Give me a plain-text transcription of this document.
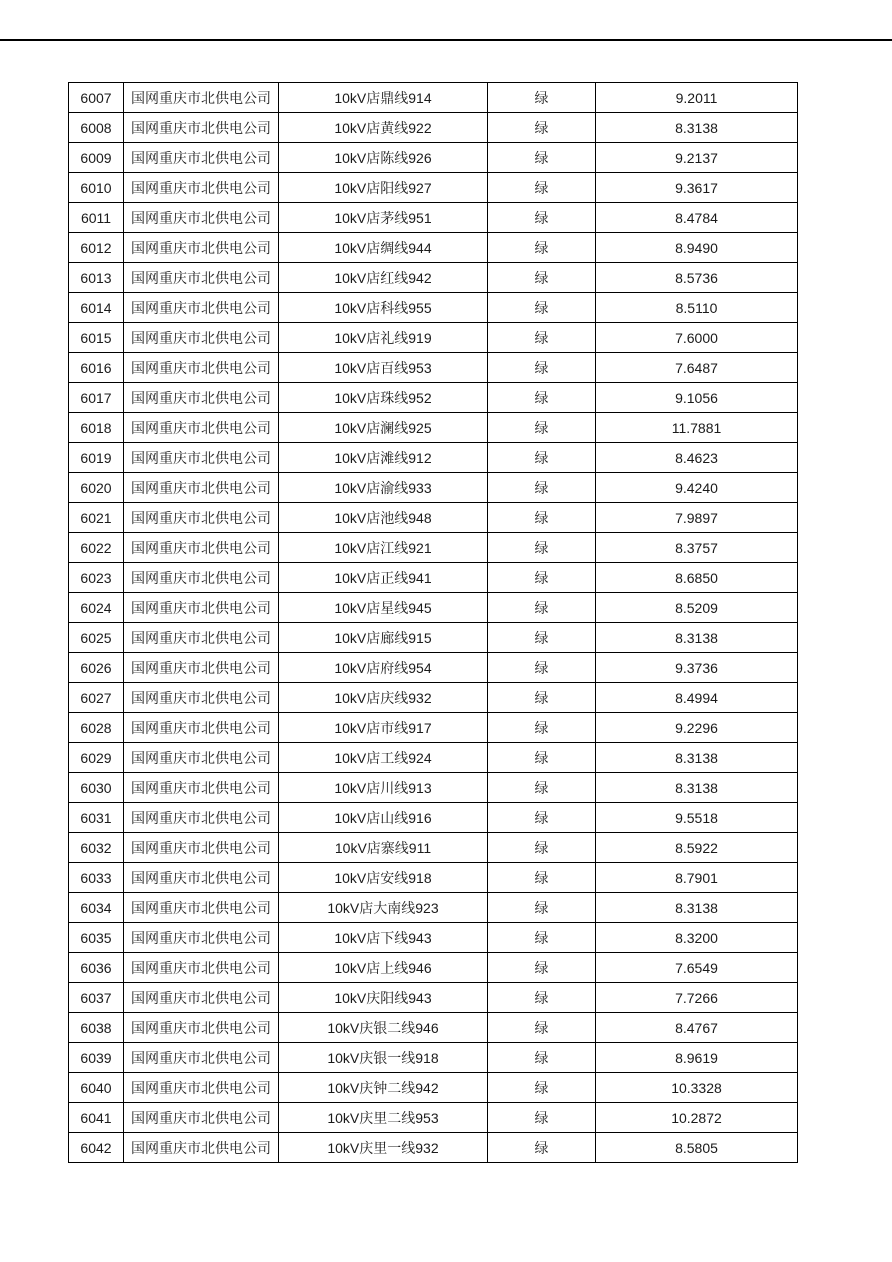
6007	国网重庆市北供电公司	10kV店鼎线914	绿	9.2011
6008	国网重庆市北供电公司	10kV店黄线922	绿	8.3138
6009	国网重庆市北供电公司	10kV店陈线926	绿	9.2137
6010	国网重庆市北供电公司	10kV店阳线927	绿	9.3617
6011	国网重庆市北供电公司	10kV店茅线951	绿	8.4784
6012	国网重庆市北供电公司	10kV店绸线944	绿	8.9490
6013	国网重庆市北供电公司	10kV店红线942	绿	8.5736
6014	国网重庆市北供电公司	10kV店科线955	绿	8.5110
6015	国网重庆市北供电公司	10kV店礼线919	绿	7.6000
6016	国网重庆市北供电公司	10kV店百线953	绿	7.6487
6017	国网重庆市北供电公司	10kV店珠线952	绿	9.1056
6018	国网重庆市北供电公司	10kV店澜线925	绿	11.7881
6019	国网重庆市北供电公司	10kV店滩线912	绿	8.4623
6020	国网重庆市北供电公司	10kV店渝线933	绿	9.4240
6021	国网重庆市北供电公司	10kV店池线948	绿	7.9897
6022	国网重庆市北供电公司	10kV店江线921	绿	8.3757
6023	国网重庆市北供电公司	10kV店正线941	绿	8.6850
6024	国网重庆市北供电公司	10kV店星线945	绿	8.5209
6025	国网重庆市北供电公司	10kV店廊线915	绿	8.3138
6026	国网重庆市北供电公司	10kV店府线954	绿	9.3736
6027	国网重庆市北供电公司	10kV店庆线932	绿	8.4994
6028	国网重庆市北供电公司	10kV店市线917	绿	9.2296
6029	国网重庆市北供电公司	10kV店工线924	绿	8.3138
6030	国网重庆市北供电公司	10kV店川线913	绿	8.3138
6031	国网重庆市北供电公司	10kV店山线916	绿	9.5518
6032	国网重庆市北供电公司	10kV店寨线911	绿	8.5922
6033	国网重庆市北供电公司	10kV店安线918	绿	8.7901
6034	国网重庆市北供电公司	10kV店大南线923	绿	8.3138
6035	国网重庆市北供电公司	10kV店下线943	绿	8.3200
6036	国网重庆市北供电公司	10kV店上线946	绿	7.6549
6037	国网重庆市北供电公司	10kV庆阳线943	绿	7.7266
6038	国网重庆市北供电公司	10kV庆银二线946	绿	8.4767
6039	国网重庆市北供电公司	10kV庆银一线918	绿	8.9619
6040	国网重庆市北供电公司	10kV庆钟二线942	绿	10.3328
6041	国网重庆市北供电公司	10kV庆里二线953	绿	10.2872
6042	国网重庆市北供电公司	10kV庆里一线932	绿	8.5805
